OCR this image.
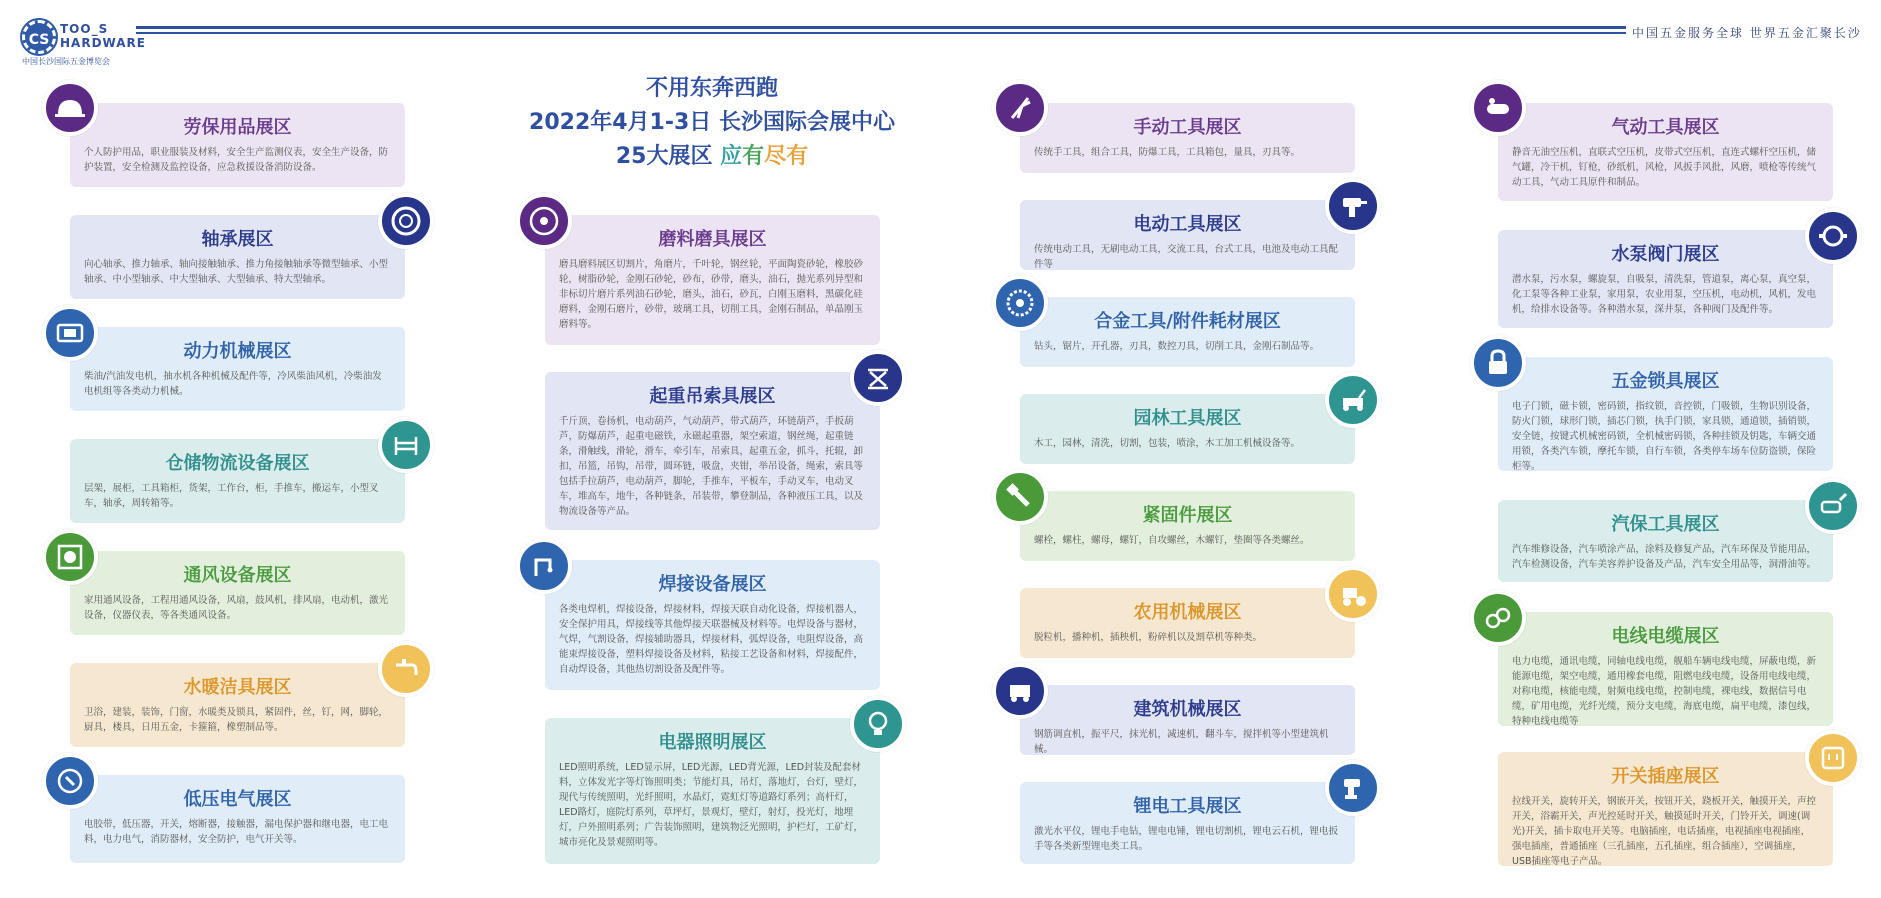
中国五金服务全球 世界五金汇聚长沙
CS
TOO_S
HARDWARE
中国长沙国际五金博览会
不用东奔西跑
2022年4月1-3日 长沙国际会展中心
25大展区 应有尽有
劳保用品展区
个人防护用品，职业服装及材料，安全生产监测仪表，安全生产设备，防护装置，安全检测及监控设备，应急救援设备消防设备。
轴承展区
向心轴承、推力轴承、轴向接触轴承、推力角接触轴承等微型轴承、小型轴承、中小型轴承、中大型轴承、大型轴承、特大型轴承。
动力机械展区
柴油/汽油发电机，抽水机各种机械及配件等，冷风柴油风机，冷柴油发电机组等各类动力机械。
仓储物流设备展区
层架，展柜，工具箱柜，货架，工作台，柜，手推车，搬运车，小型叉车，轴承，周转箱等。
通风设备展区
家用通风设备，工程用通风设备，风扇，鼓风机，排风扇，电动机，激光设备，仪器仪表，等各类通风设备。
水暖洁具展区
卫浴，建装，装饰，门窗，水暖类及锁具，紧固件，丝，钉，网，脚轮，厨具，楼具，日用五金，卡箍箍，橡塑制品等。
低压电气展区
电胶带，低压器，开关，熔断器，接触器，漏电保护器和继电器，电工电料，电力电气，消防器材，安全防护，电气开关等。
磨料磨具展区
磨具磨料展区切割片，角磨片，千叶轮，钢丝轮，平面陶瓷砂轮，橡胶砂轮，树脂砂轮，金刚石砂轮，砂布，砂带，磨头，油石，抛光系列异型和非标切片磨片系列油石砂轮，磨头，油石，砂瓦，白刚玉磨料，黑碳化硅磨料，金刚石磨片，砂带，玻璃工具，切削工具，金刚石制品，单晶刚玉磨料等。
起重吊索具展区
千斤顶，卷扬机，电动葫芦，气动葫芦，带式葫芦，环链葫芦，手扳葫芦，防爆葫芦，起重电磁铁，永磁起重器，架空索道，钢丝绳，起重链条，滑触线，滑轮，滑车，牵引车，吊索具，起重五金，抓斗，托辊，卸扣，吊篮，吊钩，吊带，圆环链，吸盘，夹钳，举吊设备，绳索，索具等包括手拉葫芦，电动葫芦，脚轮，手推车，平板车，手动叉车，电动叉车，堆高车，地牛，各种链条，吊装带，攀登制品，各种液压工具，以及物流设备等产品。
焊接设备展区
各类电焊机，焊接设备，焊接材料，焊接天联自动化设备，焊接机器人，安全保护用具，焊接线等其他焊接天联器械及材料等。电焊设备与器材，气焊，气割设备，焊接辅助器具，焊接材料，弧焊设备，电阻焊设备，高能束焊接设备，塑料焊接设备及材料，粘接工艺设备和材料，焊接配件，自动焊设备，其他热切割设备及配件等。
电器照明展区
LED照明系统，LED显示屏，LED光源，LED背光源，LED封装及配套材料，立体发光字等灯饰照明类；节能灯具，吊灯，落地灯，台灯，壁灯，现代与传统照明，光纤照明，水晶灯，霓虹灯等道路灯系列；高杆灯，LED路灯，庭院灯系列，草坪灯，景观灯，壁灯，射灯，投光灯，地埋灯，户外照明系列；广告装饰照明，建筑物泛光照明，护栏灯，工矿灯，城市亮化及景观照明等。
手动工具展区
传统手工具，组合工具，防爆工具，工具箱包，量具，刃具等。
电动工具展区
传统电动工具，无刷电动工具，交流工具，台式工具，电池及电动工具配件等
合金工具/附件耗材展区
钻头，锯片，开孔器，刃具，数控刀具，切削工具，金刚石制品等。
园林工具展区
木工，园林，清洗，切割，包装，喷涂，木工加工机械设备等。
紧固件展区
螺栓，螺柱，螺母，螺钉，自攻螺丝，木螺钉，垫圈等各类螺丝。
农用机械展区
脱粒机，播种机，插秧机，粉碎机以及割草机等种类。
建筑机械展区
钢筋调直机，振平尺，抹光机，减速机，翻斗车，搅拌机等小型建筑机械。
锂电工具展区
激光水平仪，锂电手电钻，锂电电锤，锂电切割机，锂电云石机，锂电扳手等各类新型锂电类工具。
气动工具展区
静音无油空压机，直联式空压机，皮带式空压机，直连式螺杆空压机，储气罐，冷干机，钉枪，砂纸机，风枪，风扳手风批，风磨，喷枪等传统气动工具，气动工具原件和制品。
水泵阀门展区
潜水泵，污水泵，螺旋泵，自吸泵，清洗泵，管道泵，离心泵，真空泵，化工泵等各种工业泵，家用泵，农业用泵，空压机，电动机，风机，发电机，给排水设备等。各种潜水泵，深井泵，各种阀门及配件等。
五金锁具展区
电子门锁，磁卡锁，密码锁，指纹锁，音控锁，门吸锁，生物识别设备，防火门锁，球形门锁，插芯门锁，执手门锁，家具锁，通道锁，插销锁，安全链，按键式机械密码锁，全机械密码锁，各种挂锁及钥匙，车辆交通用锁，各类汽车锁，摩托车锁，自行车锁，各类停车场车位防盗锁，保险柜等。
汽保工具展区
汽车维修设备，汽车喷涂产品，涂料及修复产品，汽车环保及节能用品，汽车检测设备，汽车美容养护设备及产品，汽车安全用品等，洞滑油等。
电线电缆展区
电力电缆，通讯电缆，同轴电线电缆，舰船车辆电线电缆，屏蔽电缆，新能源电缆，架空电缆，通用橡套电缆，阻燃电线电缆，设备用电线电缆，对称电缆，核能电缆，射频电线电缆，控制电缆，裸电线，数据信号电缆，矿用电缆，光纤光缆，预分支电缆，海底电缆，扁平电缆，漆包线，特种电线电缆等
开关插座展区
拉线开关，旋转开关，钢嵌开关，按钮开关，跷板开关，触摸开关，声控开关，浴霸开关，声光控延时开关，触摸延时开关，门铃开关，调速(调光)开关，插卡取电开关等。电脑插座，电话插座，电视插座电视插座，强电插座，普通插座（三孔插座，五孔插座，组合插座），空调插座，USB插座等电子产品。
